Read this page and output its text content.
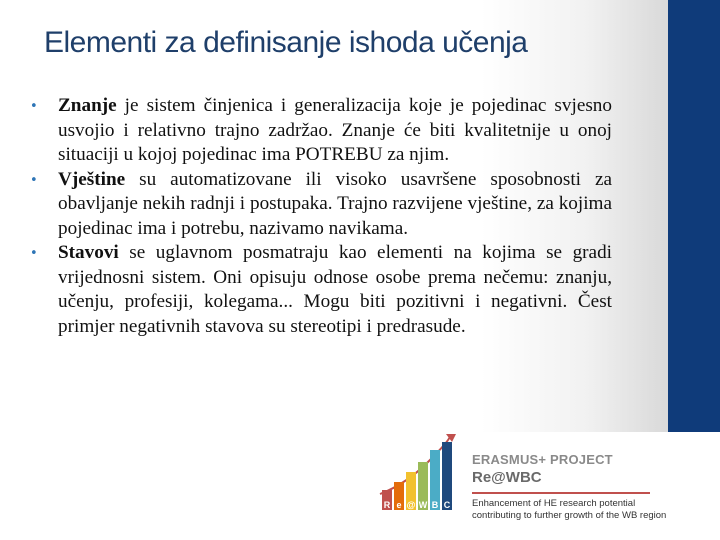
Elementi za definisanje ishoda učenja
•	Znanje je sistem činjenica i generalizacija koje je pojedinac svjesno usvojio i relativno trajno zadržao. Znanje će biti kvalitetnije u onoj situaciji u kojoj pojedinac ima POTREBU za njim.
•	Vještine su automatizovane ili visoko usavršene sposobnosti za obavljanje nekih radnji i postupaka. Trajno razvijene vještine, za kojima pojedinac ima i potrebu, nazivamo navikama.
•	Stavovi se uglavnom posmatraju kao elementi na kojima se gradi vrijednosni sistem. Oni opisuju odnose osobe prema nečemu: znanju, učenju, profesiji, kolegama... Mogu biti pozitivni i negativni. Čest primjer negativnih stavova su stereotipi i predrasude.
R e @ W B C
ERASMUS+ PROJECT
Re@WBC
Enhancement of HE research potential
contributing to further growth of the WB region
